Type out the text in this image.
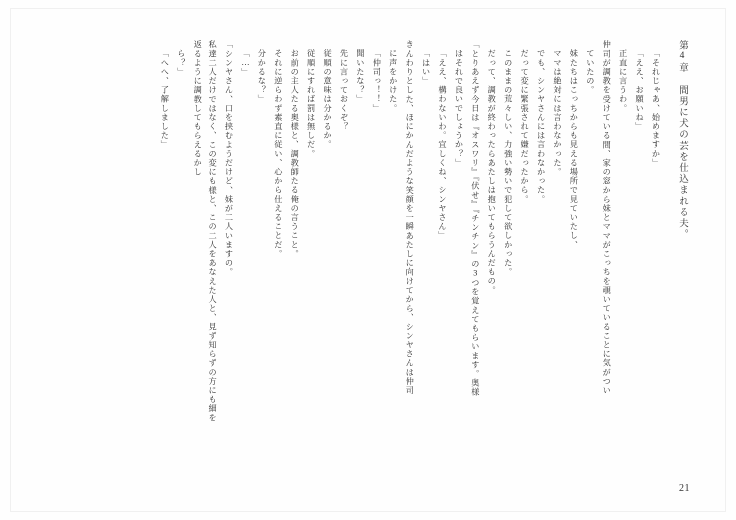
第4章　間男に犬の芸を仕込まれる夫。
「それじゃあ、始めますか」
「ええ、お願いね」
正直に言うわ。
仲司が調教を受けている間、家の窓から妹とママがこっちを覗いていることに気がつい
ていたの。
妹たちはこっちからも見える場所で見ていたし、
ママは絶対には言わなかった。
でも、シンヤさんには言わなかった。
だって変に緊張されて嫌だったから。
このままの荒々しい、力強い勢いで犯して欲しかった。
だって、調教が終わったらあたしは抱いてもらうんだもの。
「とりあえず今日は『オスワリ』『伏せ』『チンチン』の3つを覚えてもらいます。奥様
はそれで良いでしょうか？」
「ええ、構わないわ。宜しくね、シンヤさん」
「はい」
きんわりとした、ほにかんだような笑顔を一瞬あたしに向けてから、シンヤさんは仲司
に声をかけた。
「仲司っ！！」
聞いたな？」
先に言っておくぞ？
従順の意味は分かるか。
従順にすれば罰は無しだ。
お前の主人たる奥様と、調教師たる俺の言うこと。
それに逆らわず素直に従い、心から仕えることだ。
分かるな？」
「…」
「シンヤさん、口を挟むようだけど、妹が二人いますの。
私達二人だけではなく、この変にも様と、この二人をあなえた人と、見ず知らずの方にも細を返るように調教してもらえるかし
ら？」
「へへ、了解しました」
21
